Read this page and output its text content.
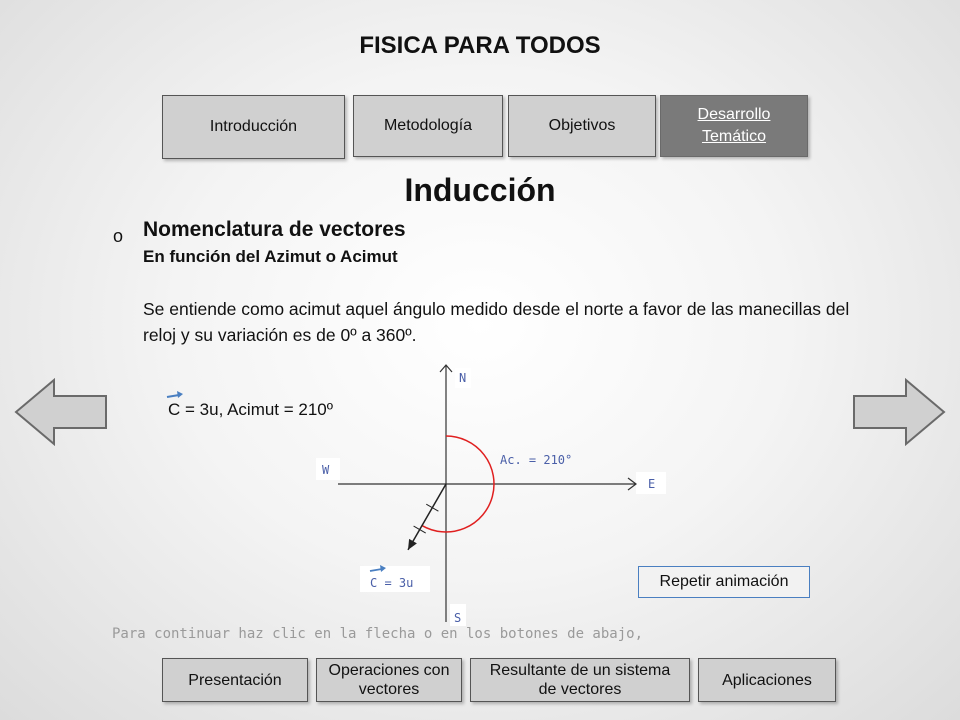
FISICA PARA TODOS
Introducción	Metodología	Objetivos
Desarrollo Temático
Inducción
o Nomenclatura de vectores
En función del Azimut o Acimut
Se entiende como acimut aquel ángulo medido desde el norte a favor de las manecillas del reloj y su variación es de 0º a 360º.
C = 3u, Acimut = 210º
N
S
E
W
Ac. = 210°
C = 3u	Repetir animación
Para continuar haz clic en la flecha o en los botones de abajo,
Presentación
Operaciones con vectores
Resultante de un sistema de vectores
Aplicaciones
